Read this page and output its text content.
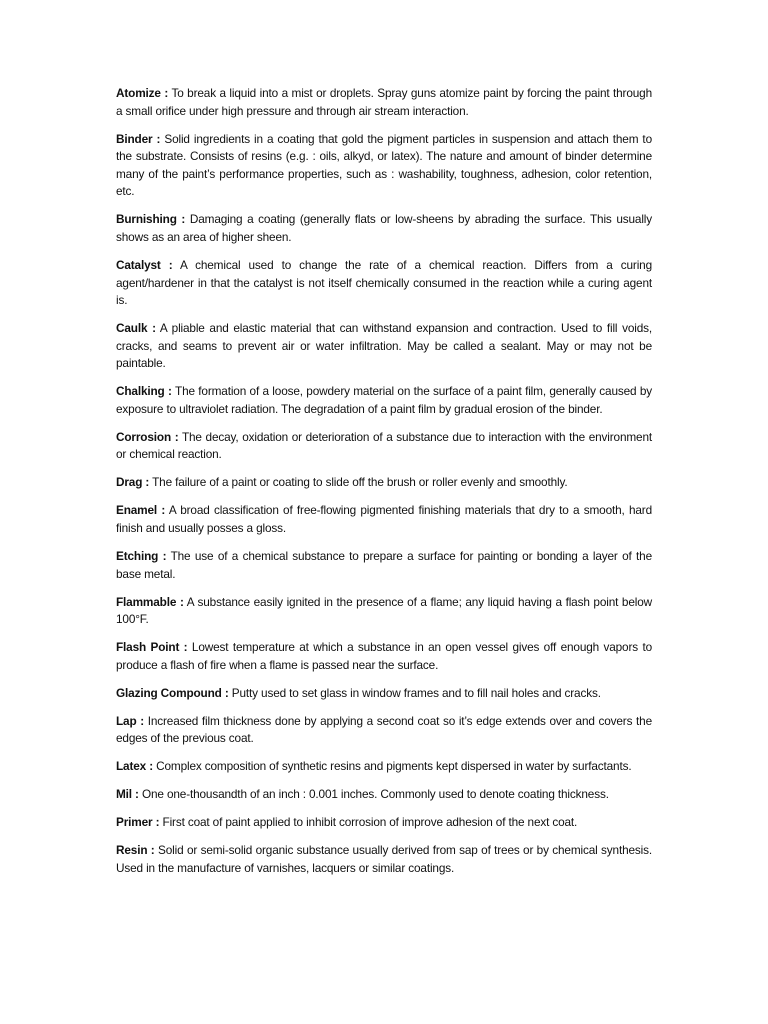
Atomize : To break a liquid into a mist or droplets. Spray guns atomize paint by forcing the paint through a small orifice under high pressure and through air stream interaction.

Binder : Solid ingredients in a coating that gold the pigment particles in suspension and attach them to the substrate. Consists of resins (e.g. : oils, alkyd, or latex). The nature and amount of binder determine many of the paint’s performance properties, such as : washability, toughness, adhesion, color retention, etc.

Burnishing : Damaging a coating (generally flats or low-sheens by abrading the surface. This usually shows as an area of higher sheen.

Catalyst : A chemical used to change the rate of a chemical reaction. Differs from a curing agent/hardener in that the catalyst is not itself chemically consumed in the reaction while a curing agent is.

Caulk : A pliable and elastic material that can withstand expansion and contraction. Used to fill voids, cracks, and seams to prevent air or water infiltration. May be called a sealant. May or may not be paintable.

Chalking : The formation of a loose, powdery material on the surface of a paint film, generally caused by exposure to ultraviolet radiation. The degradation of a paint film by gradual erosion of the binder.

Corrosion : The decay, oxidation or deterioration of a substance due to interaction with the environment or chemical reaction.

Drag : The failure of a paint or coating to slide off the brush or roller evenly and smoothly.

Enamel : A broad classification of free-flowing pigmented finishing materials that dry to a smooth, hard finish and usually posses a gloss.

Etching : The use of a chemical substance to prepare a surface for painting or bonding a layer of the base metal.

Flammable : A substance easily ignited in the presence of a flame; any liquid having a flash point below 100°F.

Flash Point : Lowest temperature at which a substance in an open vessel gives off enough vapors to produce a flash of fire when a flame is passed near the surface.

Glazing Compound : Putty used to set glass in window frames and to fill nail holes and cracks.

Lap : Increased film thickness done by applying a second coat so it’s edge extends over and covers the edges of the previous coat.

Latex : Complex composition of synthetic resins and pigments kept dispersed in water by surfactants.

Mil : One one-thousandth of an inch : 0.001 inches. Commonly used to denote coating thickness.

Primer : First coat of paint applied to inhibit corrosion of improve adhesion of the next coat.

Resin : Solid or semi-solid organic substance usually derived from sap of trees or by chemical synthesis. Used in the manufacture of varnishes, lacquers or similar coatings.
